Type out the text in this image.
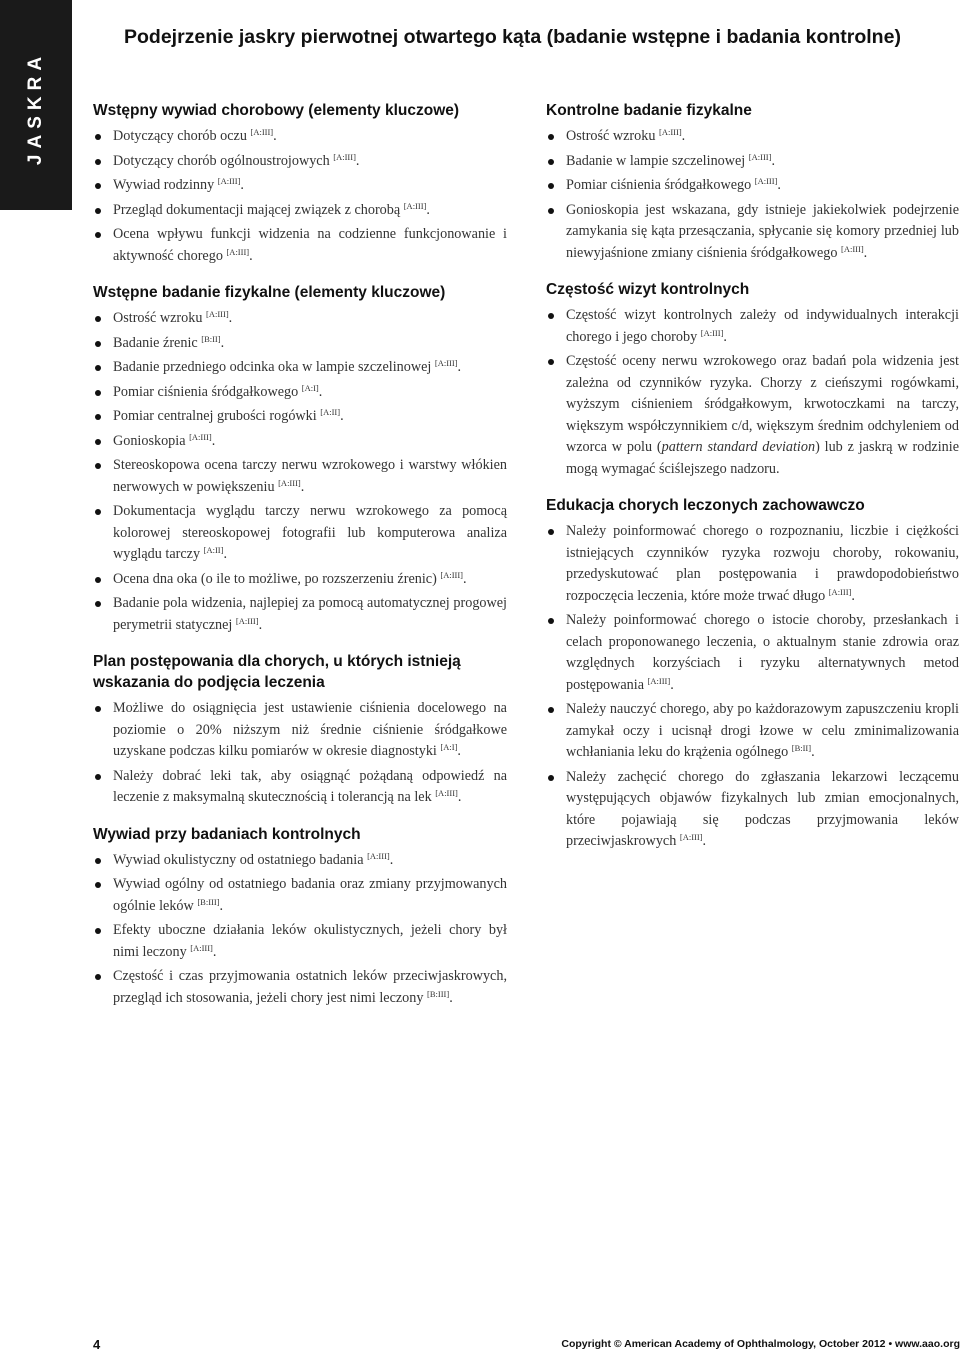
JASKRA
Podejrzenie jaskry pierwotnej otwartego kąta (badanie wstępne i badania kontrolne)
Wstępny wywiad chorobowy (elementy kluczowe)
Dotyczący chorób oczu [A:III].
Dotyczący chorób ogólnoustrojowych [A:III].
Wywiad rodzinny [A:III].
Przegląd dokumentacji mającej związek z chorobą [A:III].
Ocena wpływu funkcji widzenia na codzienne funkcjonowanie i aktywność chorego [A:III].
Wstępne badanie fizykalne (elementy kluczowe)
Ostrość wzroku [A:III].
Badanie źrenic [B:II].
Badanie przedniego odcinka oka w lampie szczelinowej [A:III].
Pomiar ciśnienia śródgałkowego [A:I].
Pomiar centralnej grubości rogówki [A:II].
Gonioskopia [A:III].
Stereoskopowa ocena tarczy nerwu wzrokowego i warstwy włókien nerwowych w powiększeniu [A:III].
Dokumentacja wyglądu tarczy nerwu wzrokowego za pomocą kolorowej stereoskopowej fotografii lub komputerowa analiza wyglądu tarczy [A:II].
Ocena dna oka (o ile to możliwe, po rozszerzeniu źrenic) [A:III].
Badanie pola widzenia, najlepiej za pomocą automatycznej progowej perymetrii statycznej [A:III].
Plan postępowania dla chorych, u których istnieją wskazania do podjęcia leczenia
Możliwe do osiągnięcia jest ustawienie ciśnienia docelowego na poziomie o 20% niższym niż średnie ciśnienie śródgałkowe uzyskane podczas kilku pomiarów w okresie diagnostyki [A:I].
Należy dobrać leki tak, aby osiągnąć pożądaną odpowiedź na leczenie z maksymalną skutecznością i tolerancją na lek [A:III].
Wywiad przy badaniach kontrolnych
Wywiad okulistyczny od ostatniego badania [A:III].
Wywiad ogólny od ostatniego badania oraz zmiany przyjmowanych ogólnie leków [B:III].
Efekty uboczne działania leków okulistycznych, jeżeli chory był nimi leczony [A:III].
Częstość i czas przyjmowania ostatnich leków przeciwjaskrowych, przegląd ich stosowania, jeżeli chory jest nimi leczony [B:III].
Kontrolne badanie fizykalne
Ostrość wzroku [A:III].
Badanie w lampie szczelinowej [A:III].
Pomiar ciśnienia śródgałkowego [A:III].
Gonioskopia jest wskazana, gdy istnieje jakiekolwiek podejrzenie zamykania się kąta przesączania, spłycanie się komory przedniej lub niewyjaśnione zmiany ciśnienia śródgałkowego [A:III].
Częstość wizyt kontrolnych
Częstość wizyt kontrolnych zależy od indywidualnych interakcji chorego i jego choroby [A:III].
Częstość oceny nerwu wzrokowego oraz badań pola widzenia jest zależna od czynników ryzyka. Chorzy z cieńszymi rogówkami, wyższym ciśnieniem śródgałkowym, krwotoczkami na tarczy, większym współczynnikiem c/d, większym średnim odchyleniem od wzorca w polu (pattern standard deviation) lub z jaskrą w rodzinie mogą wymagać ściślejszego nadzoru.
Edukacja chorych leczonych zachowawczo
Należy poinformować chorego o rozpoznaniu, liczbie i ciężkości istniejących czynników ryzyka rozwoju choroby, rokowaniu, przedyskutować plan postępowania i prawdopodobieństwo rozpoczęcia leczenia, które może trwać długo [A:III].
Należy poinformować chorego o istocie choroby, przesłankach i celach proponowanego leczenia, o aktualnym stanie zdrowia oraz względnych korzyściach i ryzyku alternatywnych metod postępowania [A:III].
Należy nauczyć chorego, aby po każdorazowym zapuszczeniu kropli zamykał oczy i ucisnął drogi łzowe w celu zminimalizowania wchłaniania leku do krążenia ogólnego [B:II].
Należy zachęcić chorego do zgłaszania lekarzowi leczącemu występujących objawów fizykalnych lub zmian emocjonalnych, które pojawiają się podczas przyjmowania leków przeciwjaskrowych [A:III].
4	Copyright © American Academy of Ophthalmology, October 2012 • www.aao.org
